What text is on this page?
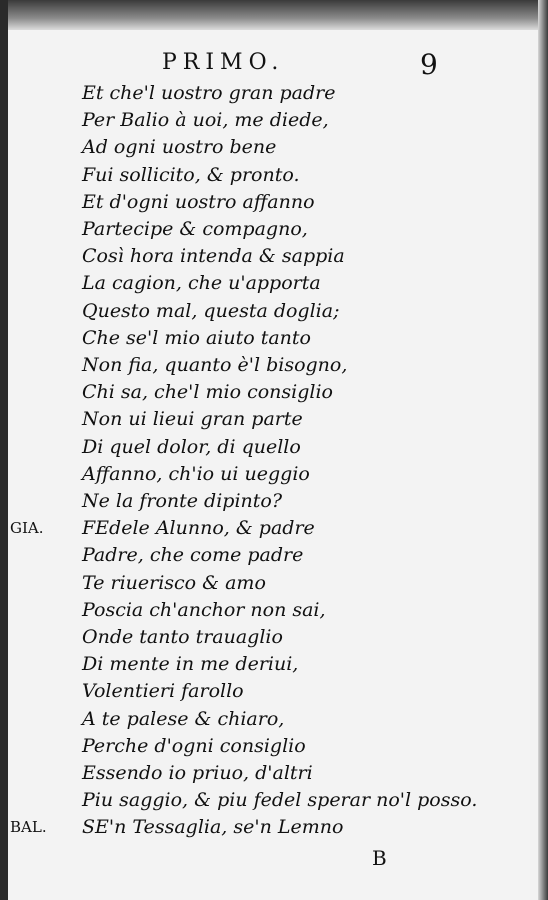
PRIMO.	9
Et che'l uostro gran padre
Per Balio à uoi, me diede,
Ad ogni uostro bene
Fui sollicito, & pronto.
Et d'ogni uostro affanno
Partecipe & compagno,
Così hora intenda & sappia
La cagion, che u'apporta
Questo mal, questa doglia;
Che se'l mio aiuto tanto
Non fia, quanto è'l bisogno,
Chi sa, che'l mio consiglio
Non ui lieui gran parte
Di quel dolor, di quello
Affanno, ch'io ui ueggio
Ne la fronte dipinto?
GIA. FEdele Alunno, & padre
Padre, che come padre
Te riuerisco & amo
Poscia ch'anchor non sai,
Onde tanto trauaglio
Di mente in me deriui,
Volentieri farollo
A te palese & chiaro,
Perche d'ogni consiglio
Essendo io priuo, d'altri
Piu saggio, & piu fedel sperar no'l posso.
BAL. SE'n Tessaglia, se'n Lemno
B
